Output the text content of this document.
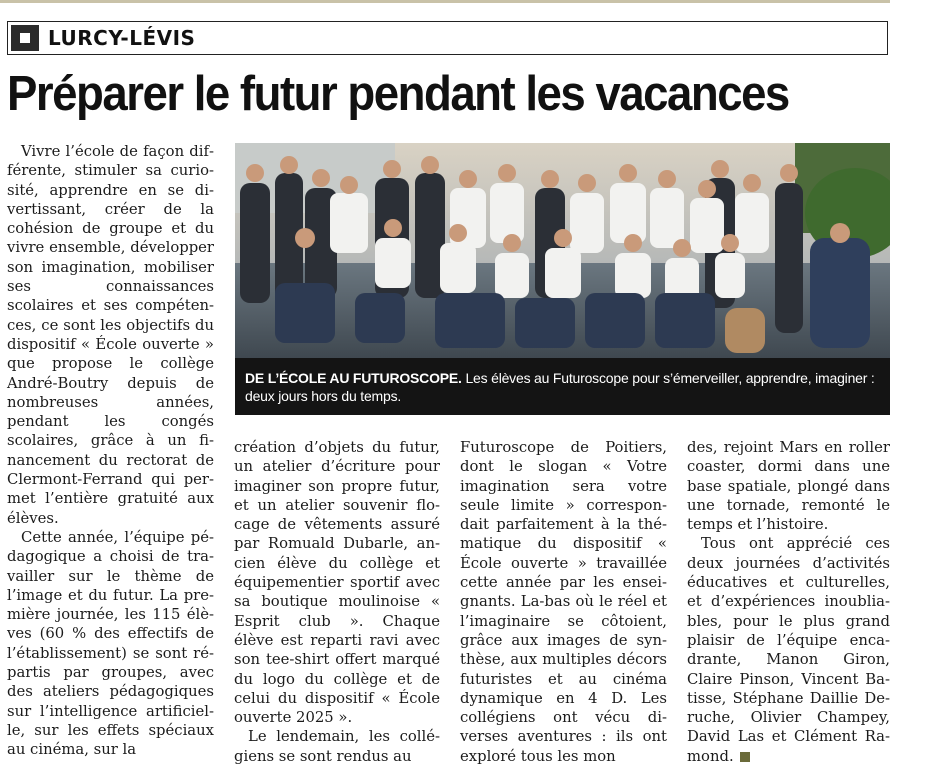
LURCY-LÉVIS
Préparer le futur pendant les vacances

Vivre l’école de façon différente, stimuler sa curiosité, apprendre en se divertissant, créer de la cohésion de groupe et du vivre ensemble, développer son imagination, mobiliser ses connaissances scolaires et ses compétences, ce sont les objectifs du dispositif « École ouverte » que propose le collège André-Boutry depuis de nombreuses années, pendant les congés scolaires, grâce à un financement du rectorat de Clermont-Ferrand qui permet l’entière gratuité aux élèves.

Cette année, l’équipe pédagogique a choisi de travailler sur le thème de l’image et du futur. La première journée, les 115 élèves (60 % des effectifs de l’établissement) se sont répartis par groupes, avec des ateliers pédagogiques sur l’intelligence artificielle, sur les effets spéciaux au cinéma, sur la

DE L’ÉCOLE AU FUTUROSCOPE. Les élèves au Futuroscope pour s’émerveiller, apprendre, imaginer : deux jours hors du temps.

création d’objets du futur, un atelier d’écriture pour imaginer son propre futur, et un atelier souvenir flocage de vêtements assuré par Romuald Dubarle, ancien élève du collège et équipementier sportif avec sa boutique moulinoise « Esprit club ». Chaque élève est reparti ravi avec son tee-shirt offert marqué du logo du collège et de celui du dispositif « École ouverte 2025 ».

Le lendemain, les collégiens se sont rendus au

Futuroscope de Poitiers, dont le slogan « Votre imagination sera votre seule limite » correspondait parfaitement à la thématique du dispositif « École ouverte » travaillée cette année par les enseignants. La-bas où le réel et l’imaginaire se côtoient, grâce aux images de synthèse, aux multiples décors futuristes et au cinéma dynamique en 4 D. Les collégiens ont vécu diverses aventures : ils ont exploré tous les mon

des, rejoint Mars en roller coaster, dormi dans une base spatiale, plongé dans une tornade, remonté le temps et l’histoire.

Tous ont apprécié ces deux journées d’activités éducatives et culturelles, et d’expériences inoubliables, pour le plus grand plaisir de l’équipe encadrante, Manon Giron, Claire Pinson, Vincent Batisse, Stéphane Daillie Deruche, Olivier Champey, David Las et Clément Ramond.
